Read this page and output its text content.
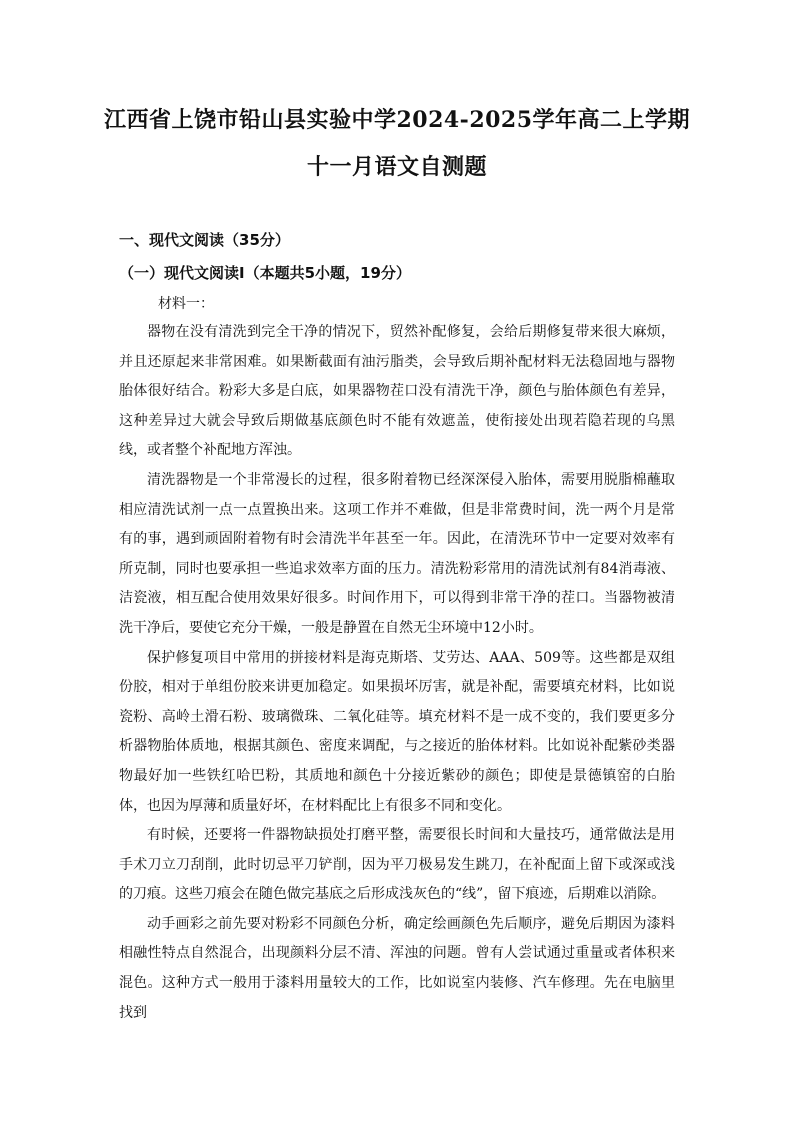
江西省上饶市铅山县实验中学2024-2025学年高二上学期
十一月语文自测题
一、现代文阅读（35分）
（一）现代文阅读Ⅰ（本题共5小题，19分）
材料一：

器物在没有清洗到完全干净的情况下，贸然补配修复，会给后期修复带来很大麻烦，并且还原起来非常困难。如果断截面有油污脂类，会导致后期补配材料无法稳固地与器物胎体很好结合。粉彩大多是白底，如果器物茬口没有清洗干净，颜色与胎体颜色有差异，这种差异过大就会导致后期做基底颜色时不能有效遮盖，使衔接处出现若隐若现的乌黑线，或者整个补配地方浑浊。

清洗器物是一个非常漫长的过程，很多附着物已经深深侵入胎体，需要用脱脂棉蘸取相应清洗试剂一点一点置换出来。这项工作并不难做，但是非常费时间，洗一两个月是常有的事，遇到顽固附着物有时会清洗半年甚至一年。因此，在清洗环节中一定要对效率有所克制，同时也要承担一些追求效率方面的压力。清洗粉彩常用的清洗试剂有84消毒液、洁瓷液，相互配合使用效果好很多。时间作用下，可以得到非常干净的茬口。当器物被清洗干净后，要使它充分干燥，一般是静置在自然无尘环境中12小时。

保护修复项目中常用的拼接材料是海克斯塔、艾劳达、AAA、509等。这些都是双组份胶，相对于单组份胶来讲更加稳定。如果损坏厉害，就是补配，需要填充材料，比如说瓷粉、高岭土滑石粉、玻璃微珠、二氧化硅等。填充材料不是一成不变的，我们要更多分析器物胎体质地，根据其颜色、密度来调配，与之接近的胎体材料。比如说补配紫砂类器物最好加一些铁红哈巴粉，其质地和颜色十分接近紫砂的颜色；即使是景德镇窑的白胎体，也因为厚薄和质量好坏，在材料配比上有很多不同和变化。

有时候，还要将一件器物缺损处打磨平整，需要很长时间和大量技巧，通常做法是用手术刀立刀刮削，此时切忌平刀铲削，因为平刀极易发生跳刀，在补配面上留下或深或浅的刀痕。这些刀痕会在随色做完基底之后形成浅灰色的“线”，留下痕迹，后期难以消除。

动手画彩之前先要对粉彩不同颜色分析，确定绘画颜色先后顺序，避免后期因为漆料相融性特点自然混合，出现颜料分层不清、浑浊的问题。曾有人尝试通过重量或者体积来混色。这种方式一般用于漆料用量较大的工作，比如说室内装修、汽车修理。先在电脑里找到
